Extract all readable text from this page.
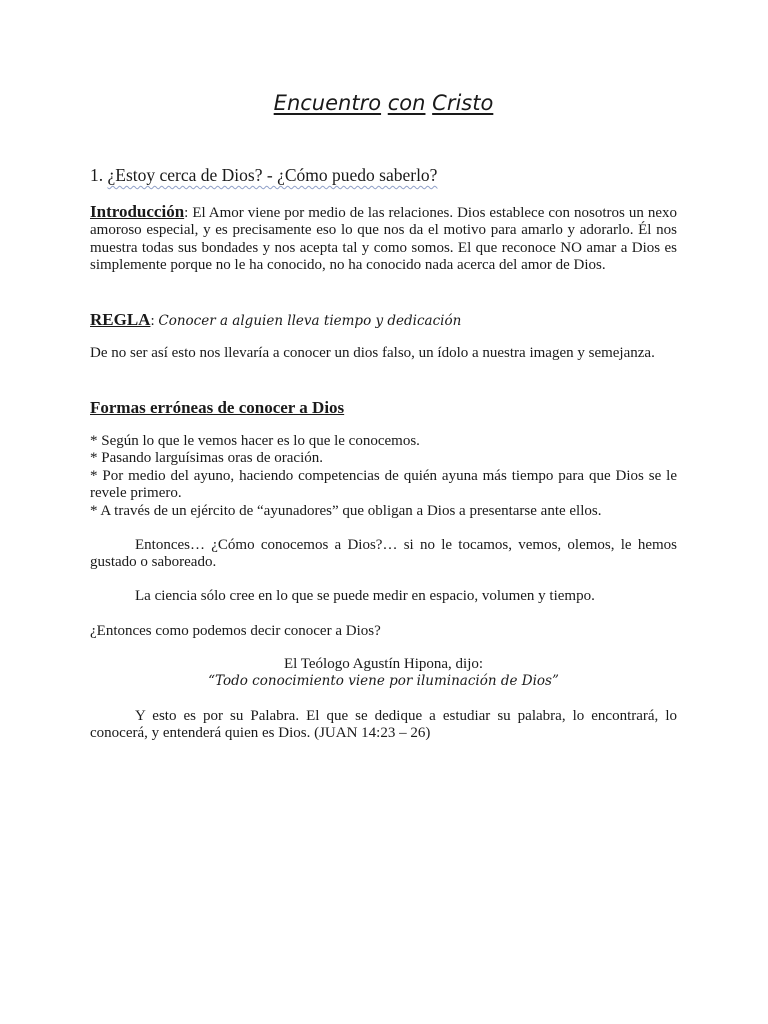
Encuentro con Cristo
1. ¿Estoy cerca de Dios? - ¿Cómo puedo saberlo?
Introducción: El Amor viene por medio de las relaciones. Dios establece con nosotros un nexo amoroso especial, y es precisamente eso lo que nos da el motivo para amarlo y adorarlo. Él nos muestra todas sus bondades y nos acepta tal y como somos. El que reconoce NO amar a Dios es simplemente porque no le ha conocido, no ha conocido nada acerca del amor de Dios.
REGLA: Conocer a alguien lleva tiempo y dedicación
De no ser así esto nos llevaría a conocer un dios falso, un ídolo a nuestra imagen y semejanza.
Formas erróneas de conocer a Dios
* Según lo que le vemos hacer es lo que le conocemos.
* Pasando larguísimas oras de oración.
* Por medio del ayuno, haciendo competencias de quién ayuna más tiempo para que Dios se le revele primero.
* A través de un ejército de “ayunadores” que obligan a Dios a presentarse ante ellos.
Entonces… ¿Cómo conocemos a Dios?… si no le tocamos, vemos, olemos, le hemos gustado o saboreado.
La ciencia sólo cree en lo que se puede medir en espacio, volumen y tiempo.
¿Entonces como podemos decir conocer a Dios?
El Teólogo Agustín Hipona, dijo:
“Todo conocimiento viene por iluminación de Dios”
Y esto es por su Palabra. El que se dedique a estudiar su palabra, lo encontrará, lo conocerá, y entenderá quien es Dios. (JUAN 14:23 – 26)
